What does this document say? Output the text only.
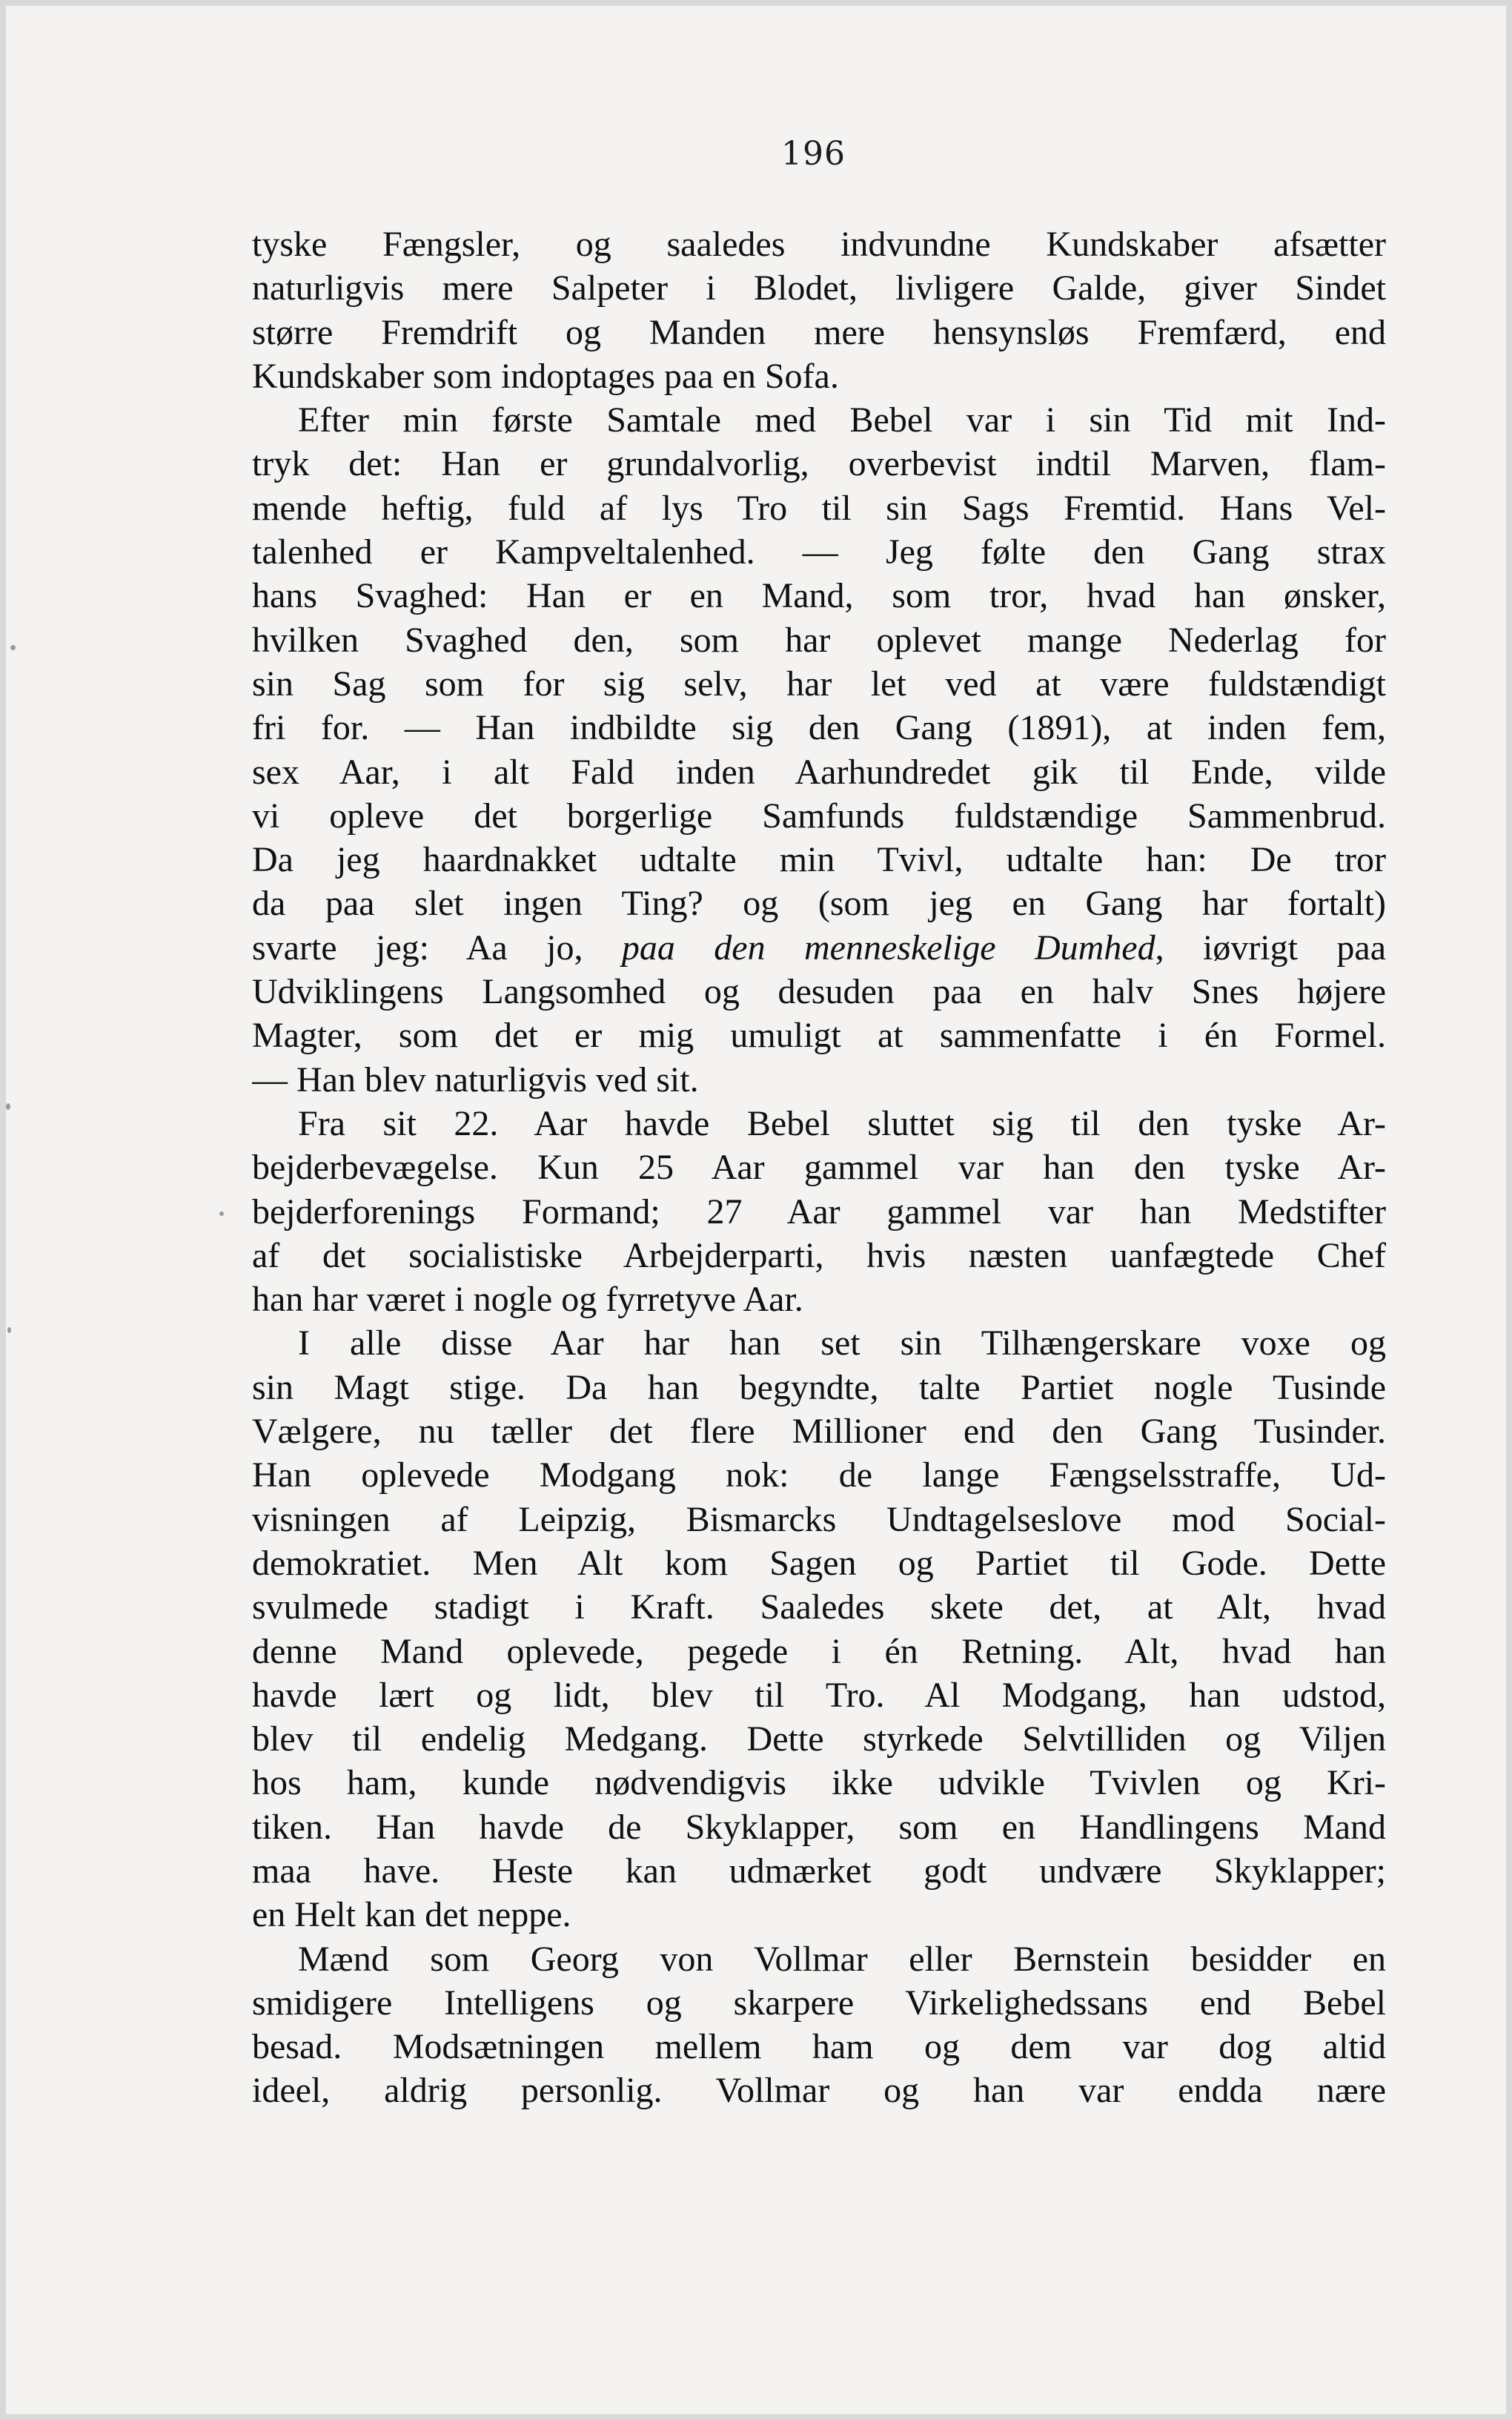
196
tyske Fængsler, og saaledes indvundne Kundskaber afsætter
naturligvis mere Salpeter i Blodet, livligere Galde, giver Sindet
større Fremdrift og Manden mere hensynsløs Fremfærd, end
Kundskaber som indoptages paa en Sofa.
Efter min første Samtale med Bebel var i sin Tid mit Ind-
tryk det: Han er grundalvorlig, overbevist indtil Marven, flam-
mende heftig, fuld af lys Tro til sin Sags Fremtid. Hans Vel-
talenhed er Kampveltalenhed. — Jeg følte den Gang strax
hans Svaghed: Han er en Mand, som tror, hvad han ønsker,
hvilken Svaghed den, som har oplevet mange Nederlag for
sin Sag som for sig selv, har let ved at være fuldstændigt
fri for. — Han indbildte sig den Gang (1891), at inden fem,
sex Aar, i alt Fald inden Aarhundredet gik til Ende, vilde
vi opleve det borgerlige Samfunds fuldstændige Sammenbrud.
Da jeg haardnakket udtalte min Tvivl, udtalte han: De tror
da paa slet ingen Ting? og (som jeg en Gang har fortalt)
svarte jeg: Aa jo, paa den menneskelige Dumhed, iøvrigt paa
Udviklingens Langsomhed og desuden paa en halv Snes højere
Magter, som det er mig umuligt at sammenfatte i én Formel.
— Han blev naturligvis ved sit.
Fra sit 22. Aar havde Bebel sluttet sig til den tyske Ar-
bejderbevægelse. Kun 25 Aar gammel var han den tyske Ar-
bejderforenings Formand; 27 Aar gammel var han Medstifter
af det socialistiske Arbejderparti, hvis næsten uanfægtede Chef
han har været i nogle og fyrretyve Aar.
I alle disse Aar har han set sin Tilhængerskare voxe og
sin Magt stige. Da han begyndte, talte Partiet nogle Tusinde
Vælgere, nu tæller det flere Millioner end den Gang Tusinder.
Han oplevede Modgang nok: de lange Fængselsstraffe, Ud-
visningen af Leipzig, Bismarcks Undtagelseslove mod Social-
demokratiet. Men Alt kom Sagen og Partiet til Gode. Dette
svulmede stadigt i Kraft. Saaledes skete det, at Alt, hvad
denne Mand oplevede, pegede i én Retning. Alt, hvad han
havde lært og lidt, blev til Tro. Al Modgang, han udstod,
blev til endelig Medgang. Dette styrkede Selvtilliden og Viljen
hos ham, kunde nødvendigvis ikke udvikle Tvivlen og Kri-
tiken. Han havde de Skyklapper, som en Handlingens Mand
maa have. Heste kan udmærket godt undvære Skyklapper;
en Helt kan det neppe.
Mænd som Georg von Vollmar eller Bernstein besidder en
smidigere Intelligens og skarpere Virkelighedssans end Bebel
besad. Modsætningen mellem ham og dem var dog altid
ideel, aldrig personlig. Vollmar og han var endda nære
